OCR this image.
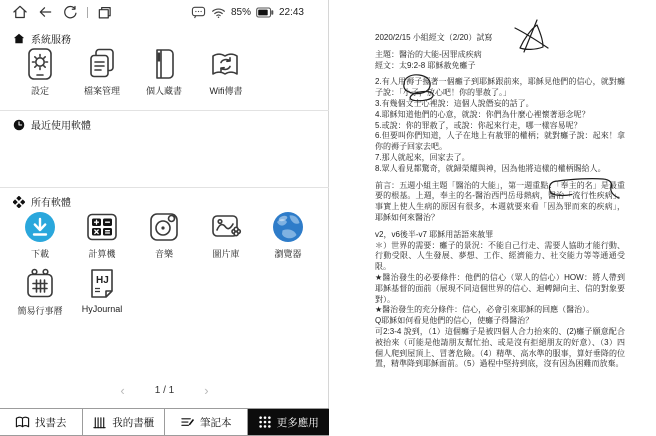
85%	22:43
系統服務
設定	檔案管理	個人藏書	Wifi傳書
最近使用軟體
所有軟體
下載	計算機	音樂	圖片庫	瀏覽器
簡易行事曆
HJ
HyJournal
‹	1 / 1 ›
找書去	我的書櫃	筆記本	更多應用

2020/2/15 小組經文（2/20）試寫

主題：醫治的大能-因罪成疾病

經文：太9:2-8 耶穌赦免癱子

2.有人用褥子擡著一個癱子到耶穌跟前來，耶穌見他們的信心，就對癱子說：「小子，放心吧！你的罪赦了。」

3.有幾個文士心裡說：這個人說僭妄的話了。

4.耶穌知道他們的心意，就說：你們為什麼心裡懷著惡念呢？

5.或說：你的罪赦了，或說：你起來行走，哪一樣容易呢？

6.但要叫你們知道，人子在地上有赦罪的權柄；就對癱子說：起來！拿你的褥子回家去吧。

7.那人就起來，回家去了。

8.眾人看見都驚奇，就歸榮耀與神，因為他將這樣的權柄賜給人。

前言：五週小組主題「醫治的大能」，第一週重點：「奉主的名」是最重要的根基。上週，奉主的名-醫治西門岳母熱病，醫治「流行性疾病」。事實上使人生病的原因有很多，本週就要來看「因為罪而來的疾病」，耶穌如何來醫治？

v2，v6後半-v7 耶穌用話語來赦罪

＊）世界的需要：癱子的景況：不能自己行走、需要人協助才能行動、行動受限、人生發展、夢想、工作、經濟能力、社交能力等等通通受限。

★醫治發生的必要條件：他們的信心（眾人的信心）HOW：將人帶到耶穌基督的面前（展現不同這個世界的信心、迴轉歸向主、信的對象要對）。

★醫治發生的充分條件：信心，必會引來耶穌的回應（醫治）。

Q耶穌如何看見他們的信心，使癱子得醫治？

可2:3-4 說到，（1）這個癱子是被四個人合力抬來的、(2)癱子願意配合被抬來（可能是他請朋友幫忙抬、或是沒有拒絕朋友的好意）、（3）四個人爬到屋頂上、冒著危險。（4）精準、高水準的服事，算好垂降的位置，精準降到耶穌面前。（5）過程中堅持到底，沒有因為困難而放棄。
